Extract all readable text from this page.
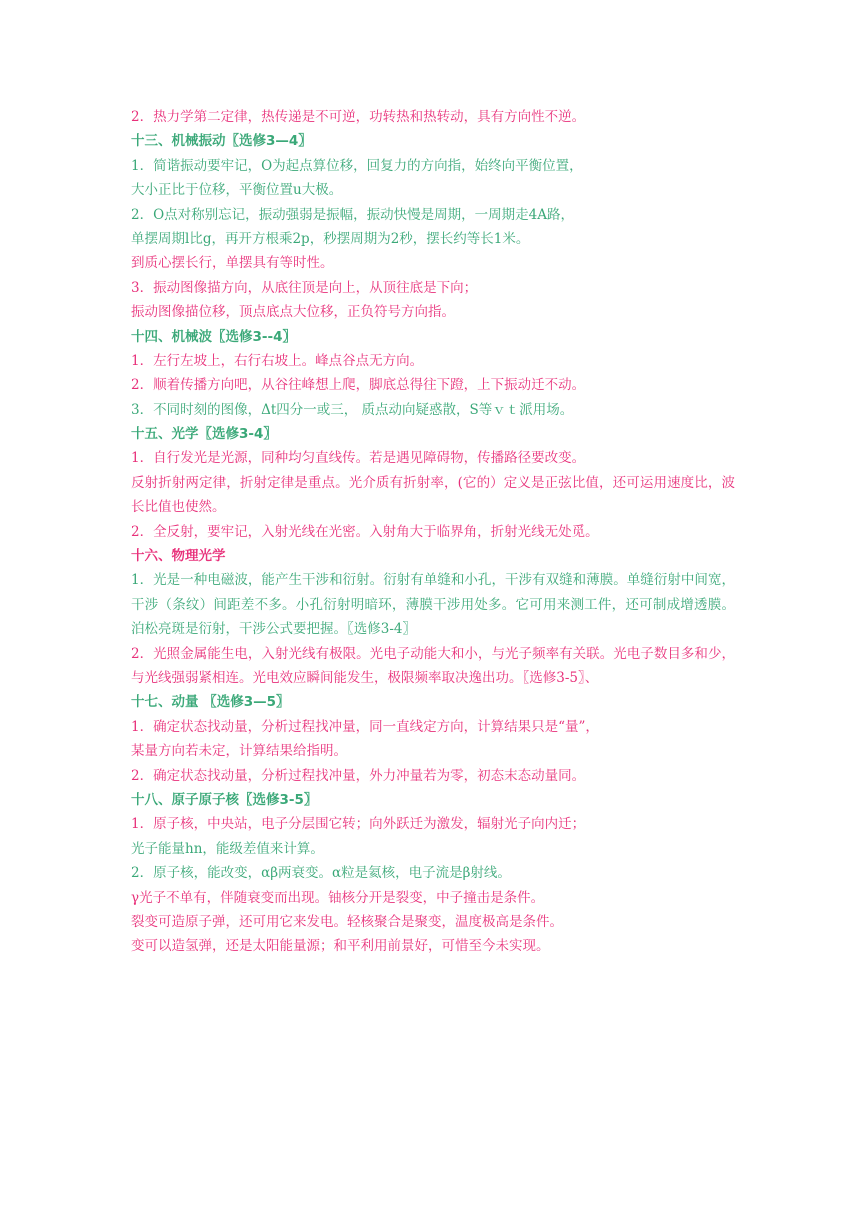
2．热力学第二定律，热传递是不可逆，功转热和热转动，具有方向性不逆。
十三、机械振动〖选修3—4〗
1．简谐振动要牢记，O为起点算位移，回复力的方向指，始终向平衡位置，
大小正比于位移，平衡位置u大极。
2．O点对称别忘记，振动强弱是振幅，振动快慢是周期，一周期走4A路，
单摆周期l比g，再开方根乘2p，秒摆周期为2秒，摆长约等长1米。
到质心摆长行，单摆具有等时性。
3．振动图像描方向，从底往顶是向上，从顶往底是下向；
振动图像描位移，顶点底点大位移，正负符号方向指。
十四、机械波〖选修3--4〗
1．左行左坡上，右行右坡上。峰点谷点无方向。
2．顺着传播方向吧，从谷往峰想上爬，脚底总得往下蹬，上下振动迁不动。
3．不同时刻的图像，Δt四分一或三， 质点动向疑惑散，S等ｖｔ派用场。
十五、光学〖选修3-4〗
1．自行发光是光源，同种均匀直线传。若是遇见障碍物，传播路径要改变。
反射折射两定律，折射定律是重点。光介质有折射率，(它的）定义是正弦比值，还可运用速度比，波长比值也使然。
2．全反射，要牢记，入射光线在光密。入射角大于临界角，折射光线无处觅。
十六、物理光学
1．光是一种电磁波，能产生干涉和衍射。衍射有单缝和小孔，干涉有双缝和薄膜。单缝衍射中间宽，干涉（条纹）间距差不多。小孔衍射明暗环，薄膜干涉用处多。它可用来测工件，还可制成增透膜。泊松亮斑是衍射，干涉公式要把握。〖选修3-4〗
2．光照金属能生电，入射光线有极限。光电子动能大和小，与光子频率有关联。光电子数目多和少，与光线强弱紧相连。光电效应瞬间能发生，极限频率取决逸出功。〖选修3-5〗、
十七、动量 〖选修3—5〗
1．确定状态找动量，分析过程找冲量，同一直线定方向，计算结果只是“量”，
某量方向若未定，计算结果给指明。
2．确定状态找动量，分析过程找冲量，外力冲量若为零，初态末态动量同。
十八、原子原子核〖选修3-5〗
1．原子核，中央站，电子分层围它转；向外跃迁为激发，辐射光子向内迁；
光子能量hn，能级差值来计算。
2．原子核，能改变，αβ两衰变。α粒是氦核，电子流是β射线。
γ光子不单有，伴随衰变而出现。铀核分开是裂变，中子撞击是条件。
裂变可造原子弹，还可用它来发电。轻核聚合是聚变，温度极高是条件。
变可以造氢弹，还是太阳能量源；和平利用前景好，可惜至今未实现。
